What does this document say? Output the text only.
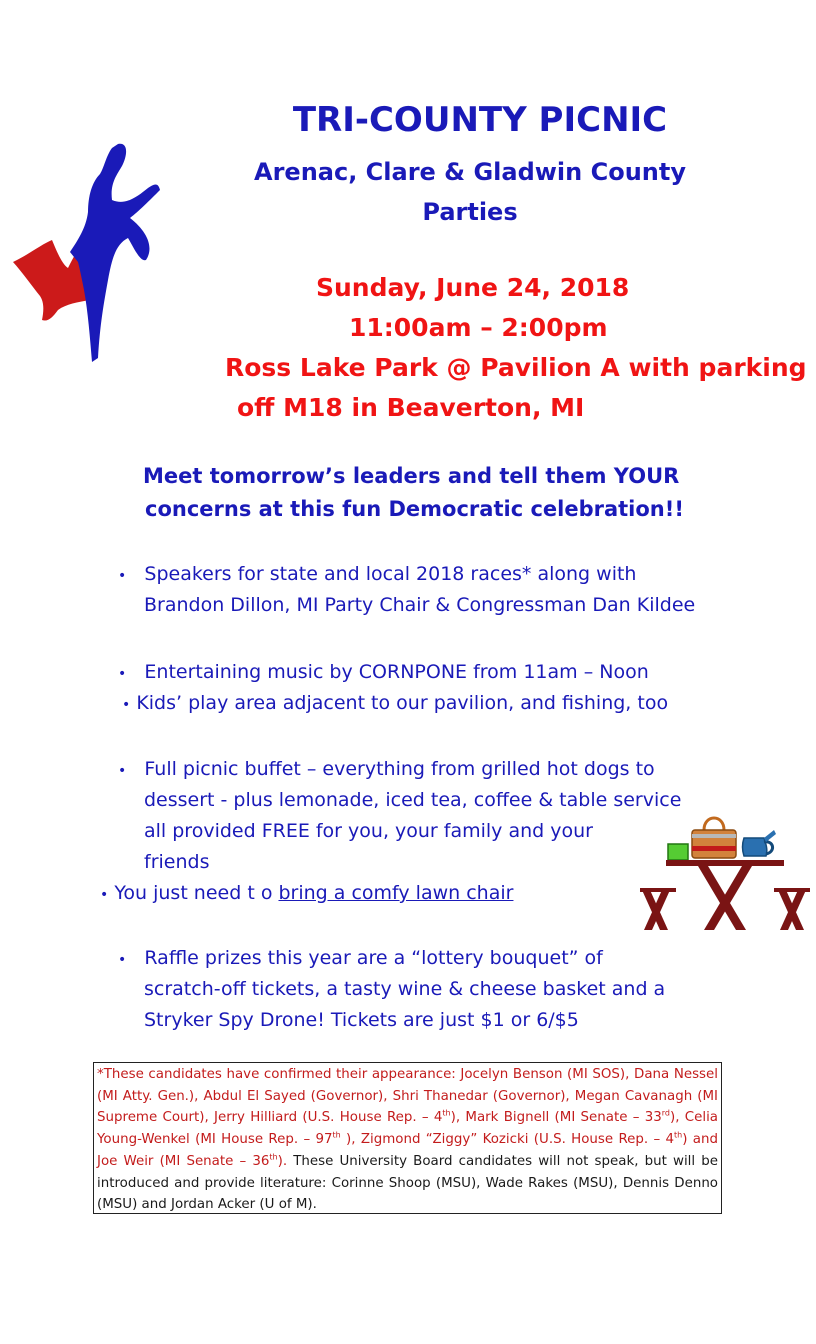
TRI-COUNTY PICNIC
Arenac, Clare & Gladwin County
Parties
Sunday, June 24, 2018
11:00am – 2:00pm
Ross Lake Park @ Pavilion A with parking
off M18 in Beaverton, MI
Meet tomorrow’s leaders and tell them YOUR
concerns at this fun Democratic celebration!!
• Speakers for state and local 2018 races* along with
Brandon Dillon, MI Party Chair & Congressman Dan Kildee
• Entertaining music by CORNPONE from 11am – Noon
• Kids’ play area adjacent to our pavilion, and fishing, too
• Full picnic buffet – everything from grilled hot dogs to
dessert - plus lemonade, iced tea, coffee & table service
all provided FREE for you, your family and your
friends
• You just need t o bring a comfy lawn chair
• Raffle prizes this year are a “lottery bouquet” of
scratch-off tickets, a tasty wine & cheese basket and a
Stryker Spy Drone! Tickets are just $1 or 6/$5
*These candidates have confirmed their appearance: Jocelyn Benson (MI SOS), Dana Nessel (MI Atty. Gen.), Abdul El Sayed (Governor), Shri Thanedar (Governor), Megan Cavanagh (MI Supreme Court), Jerry Hilliard (U.S. House Rep. – 4th), Mark Bignell (MI Senate – 33rd), Celia Young-Wenkel (MI House Rep. – 97th ), Zigmond “Ziggy” Kozicki (U.S. House Rep. – 4th) and Joe Weir (MI Senate – 36th). These University Board candidates will not speak, but will be introduced and provide literature: Corinne Shoop (MSU), Wade Rakes (MSU), Dennis Denno (MSU) and Jordan Acker (U of M).
